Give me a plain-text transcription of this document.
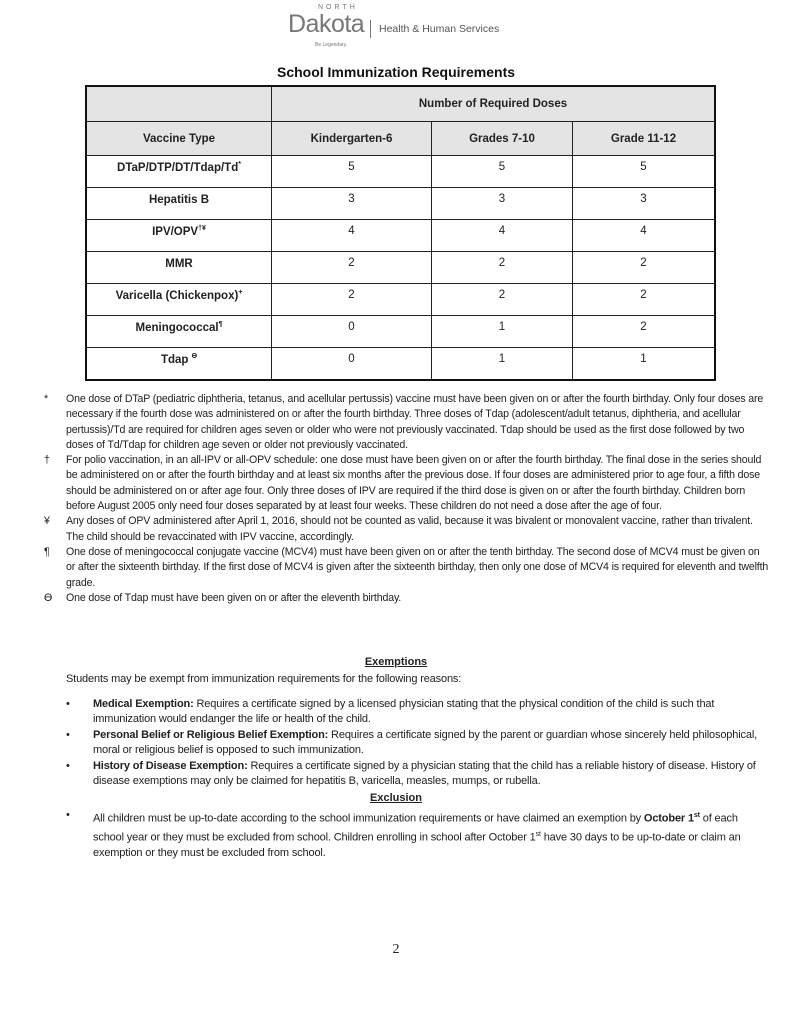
NORTH
Dakota
Be Legendary.
Health & Human Services
School Immunization Requirements
	Number of Required Doses		
Vaccine Type	Kindergarten-6	Grades 7-10	Grade 11-12
DTaP/DTP/DT/Tdap/Td*	5	5	5
Hepatitis B	3	3	3
IPV/OPV†¥	4	4	4
MMR	2	2	2
Varicella (Chickenpox)+	2	2	2
Meningococcal¶	0	1	2
Tdap $^ϴ$	0	1	1
*	One dose of DTaP (pediatric diphtheria, tetanus, and acellular pertussis) vaccine must have been given on or after the fourth birthday. Only four doses are necessary if the fourth dose was administered on or after the fourth birthday. Three doses of Tdap (adolescent/adult tetanus, diphtheria, and acellular pertussis)/Td are required for children ages seven or older who were not previously vaccinated. Tdap should be used as the first dose followed by two doses of Td/Tdap for children age seven or older not previously vaccinated.
†	For polio vaccination, in an all-IPV or all-OPV schedule: one dose must have been given on or after the fourth birthday. The final dose in the series should be administered on or after the fourth birthday and at least six months after the previous dose. If four doses are administered prior to age four, a fifth dose should be administered on or after age four. Only three doses of IPV are required if the third dose is given on or after the fourth birthday. Children born before August 2005 only need four doses separated by at least four weeks. These children do not need a dose after the age of four.
¥	Any doses of OPV administered after April 1, 2016, should not be counted as valid, because it was bivalent or monovalent vaccine, rather than trivalent. The child should be revaccinated with IPV vaccine, accordingly.
¶	One dose of meningococcal conjugate vaccine (MCV4) must have been given on or after the tenth birthday. The second dose of MCV4 must be given on or after the sixteenth birthday. If the first dose of MCV4 is given after the sixteenth birthday, then only one dose of MCV4 is required for eleventh and twelfth grade.
ϴ	One dose of Tdap must have been given on or after the eleventh birthday.
Exemptions
Students may be exempt from immunization requirements for the following reasons:
• Medical Exemption: Requires a certificate signed by a licensed physician stating that the physical condition of the child is such that immunization would endanger the life or health of the child.
• Personal Belief or Religious Belief Exemption: Requires a certificate signed by the parent or guardian whose sincerely held philosophical, moral or religious belief is opposed to such immunization.
• History of Disease Exemption: Requires a certificate signed by a physician stating that the child has a reliable history of disease. History of disease exemptions may only be claimed for hepatitis B, varicella, measles, mumps, or rubella.
Exclusion
• All children must be up-to-date according to the school immunization requirements or have claimed an exemption by October 1st of each school year or they must be excluded from school. Children enrolling in school after October 1st have 30 days to be up-to-date or claim an exemption or they must be excluded from school.
2
